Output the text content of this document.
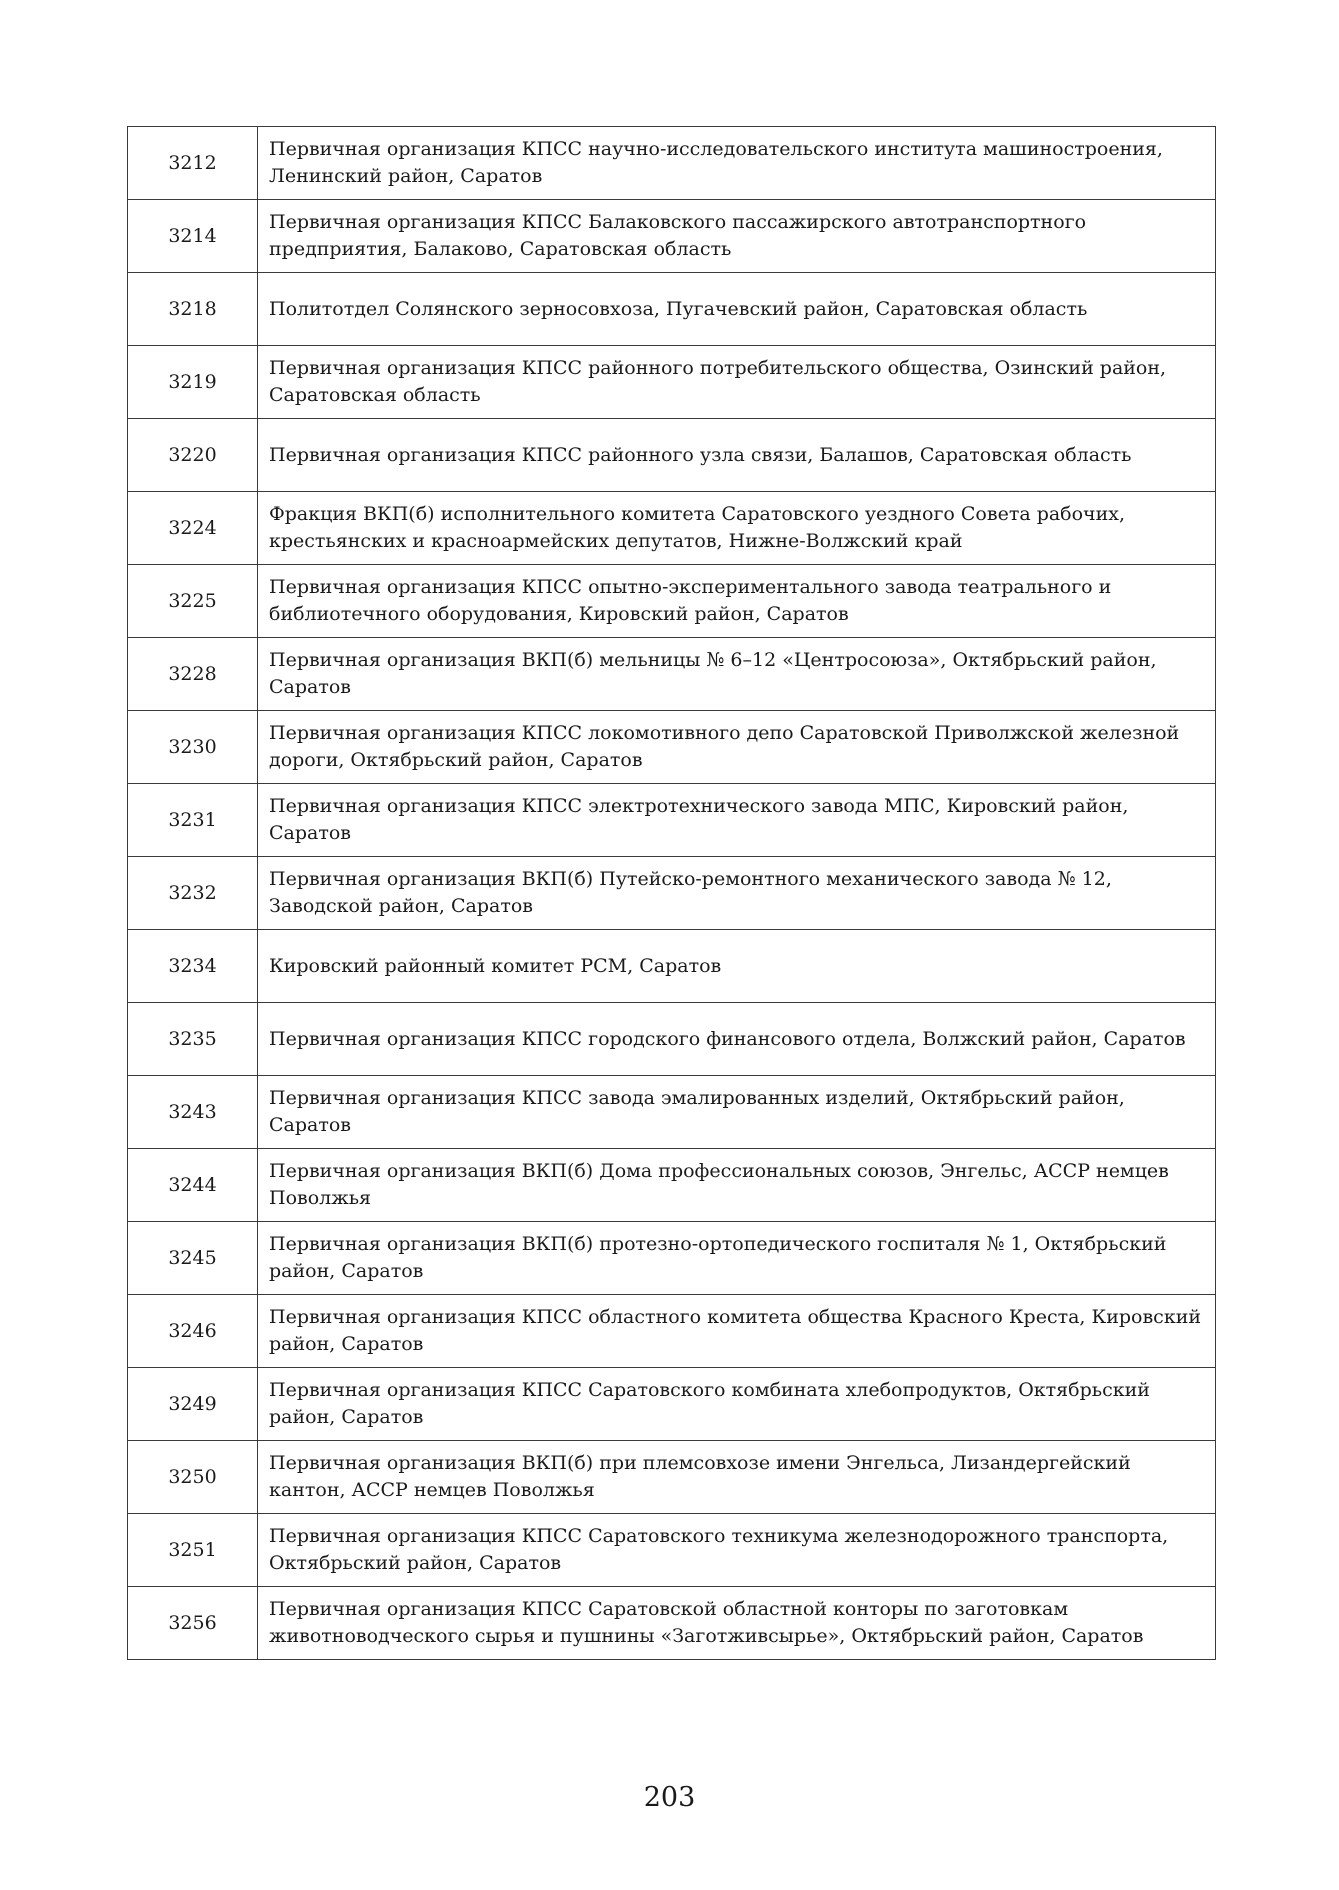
3212	Первичная организация КПСС научно-исследовательского института машиностроения, Ленинский район, Саратов
3214	Первичная организация КПСС Балаковского пассажирского автотранспортного предприятия, Балаково, Саратовская область
3218	Политотдел Солянского зерносовхоза, Пугачевский район, Саратовская область
3219	Первичная организация КПСС районного потребительского общества, Озинский район, Саратовская область
3220	Первичная организация КПСС районного узла связи, Балашов, Саратовская область
3224	Фракция ВКП(б) исполнительного комитета Саратовского уездного Совета рабочих, крестьянских и красноармейских депутатов, Нижне-Волжский край
3225	Первичная организация КПСС опытно-экспериментального завода театрального и библиотечного оборудования, Кировский район, Саратов
3228	Первичная организация ВКП(б) мельницы № 6–12 «Центросоюза», Октябрьский район, Саратов
3230	Первичная организация КПСС локомотивного депо Саратовской Приволжской железной дороги, Октябрьский район, Саратов
3231	Первичная организация КПСС электротехнического завода МПС, Кировский район, Саратов
3232	Первичная организация ВКП(б) Путейско-ремонтного механического завода № 12, Заводской район, Саратов
3234	Кировский районный комитет РСМ, Саратов
3235	Первичная организация КПСС городского финансового отдела, Волжский район, Саратов
3243	Первичная организация КПСС завода эмалированных изделий, Октябрьский район, Саратов
3244	Первичная организация ВКП(б) Дома профессиональных союзов, Энгельс, АССР немцев Поволжья
3245	Первичная организация ВКП(б) протезно-ортопедического госпиталя № 1, Октябрьский район, Саратов
3246	Первичная организация КПСС областного комитета общества Красного Креста, Кировский район, Саратов
3249	Первичная организация КПСС Саратовского комбината хлебопродуктов, Октябрьский район, Саратов
3250	Первичная организация ВКП(б) при племсовхозе имени Энгельса, Лизандергейский кантон, АССР немцев Поволжья
3251	Первичная организация КПСС Саратовского техникума железнодорожного транспорта, Октябрьский район, Саратов
3256	Первичная организация КПСС Саратовской областной конторы по заготовкам животноводческого сырья и пушнины «Заготживсырье», Октябрьский район, Саратов
203
